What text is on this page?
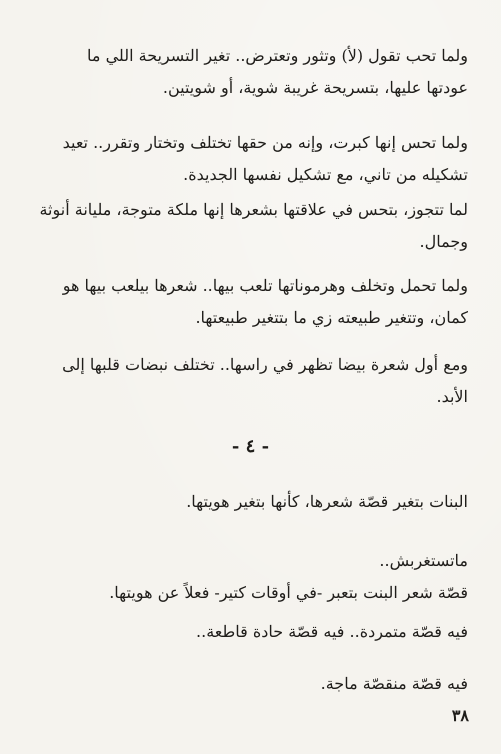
ولما تحب تقول (لأ) وتثور وتعترض.. تغير التسريحة اللي ما
عودتها عليها، بتسريحة غريبة شوية، أو شويتين.

ولما تحس إنها كبرت، وإنه من حقها تختلف وتختار وتقرر.. تعيد
تشكيله من تاني، مع تشكيل نفسها الجديدة.

لما تتجوز، بتحس في علاقتها بشعرها إنها ملكة متوجة، مليانة أنوثة
وجمال.

ولما تحمل وتخلف وهرموناتها تلعب بيها.. شعرها بيلعب بيها هو
كمان، وتتغير طبيعته زي ما بتتغير طبيعتها.

ومع أول شعرة بيضا تظهر في راسها.. تختلف نبضات قلبها إلى
الأبد.

- ٤ -

البنات بتغير قصّة شعرها، كأنها بتغير هويتها.

ماتستغربش..
قصّة شعر البنت بتعبر -في أوقات كتير- فعلاً عن هويتها.

فيه قصّة متمردة.. فيه قصّة حادة قاطعة..

فيه قصّة منقصّة ماجة.

٣٨
